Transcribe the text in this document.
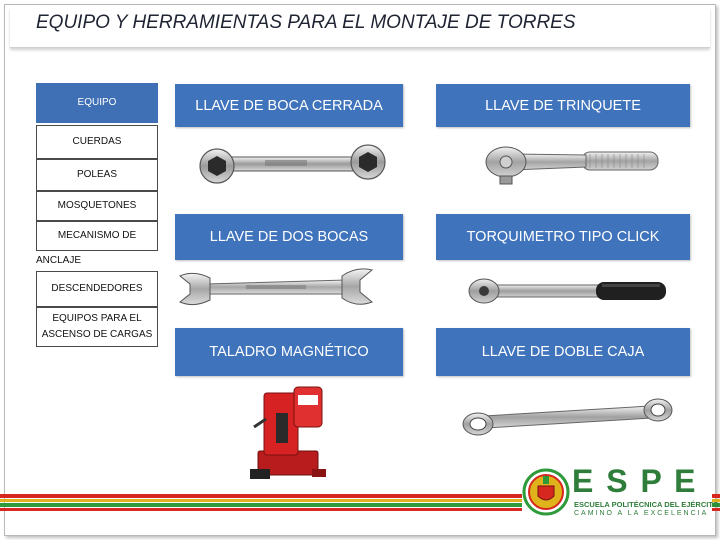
EQUIPO Y HERRAMIENTAS PARA EL MONTAJE DE TORRES
EQUIPO
CUERDAS
POLEAS
MOSQUETONES
MECANISMO DE
ANCLAJE
DESCENDEDORES
EQUIPOS PARA EL
ASCENSO DE CARGAS
LLAVE DE BOCA CERRADA	LLAVE DE TRINQUETE
LLAVE DE DOS BOCAS	TORQUIMETRO TIPO CLICK
TALADRO MAGNÉTICO	LLAVE DE DOBLE CAJA
E S P E
ESCUELA POLITÉCNICA DEL EJÉRCITO
CAMINO A LA EXCELENCIA
